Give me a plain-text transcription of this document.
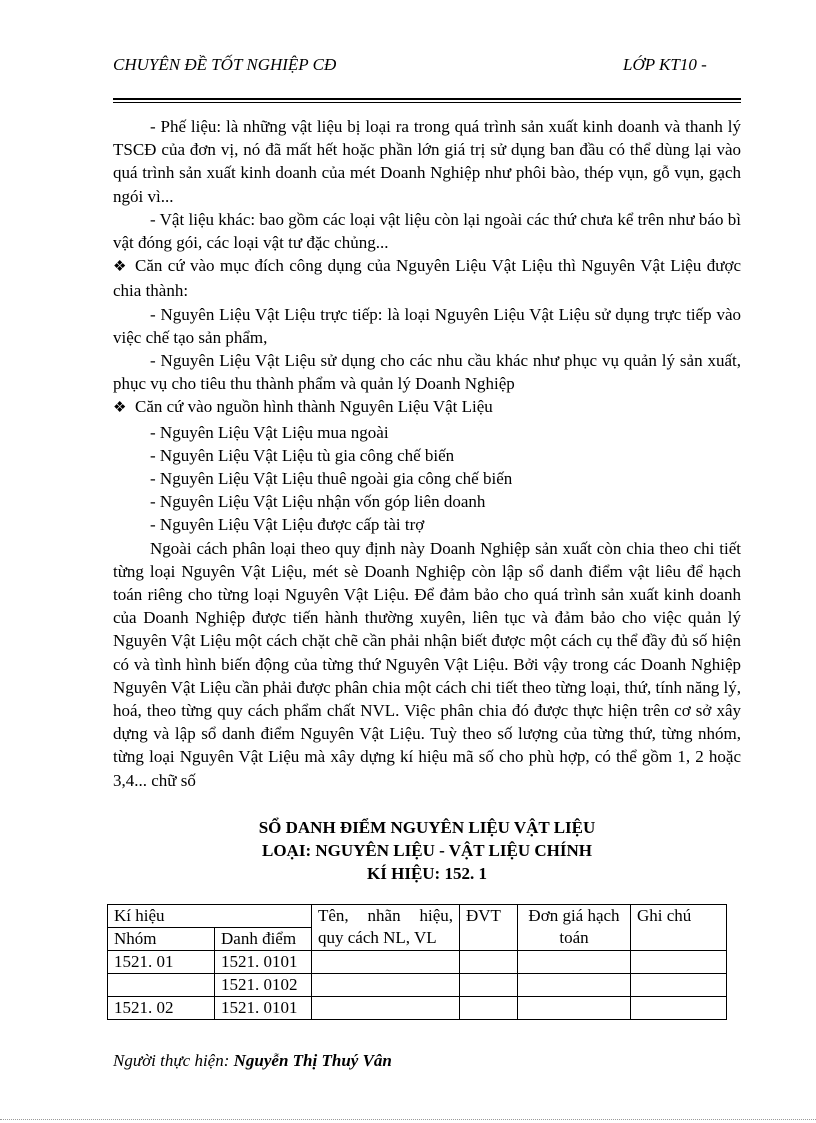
CHUYÊN ĐỀ TỐT NGHIỆP CĐ	LỚP KT10 -

- Phế liệu: là những vật liệu bị loại ra trong quá trình sản xuất kinh doanh và thanh lý TSCĐ của đơn vị, nó đã mất hết hoặc phần lớn giá trị sử dụng ban đầu có thể dùng lại vào quá trình sản xuất kinh doanh của mét Doanh Nghiệp như phôi bào, thép vụn, gỗ vụn, gạch ngói vì...

- Vật liệu khác: bao gồm các loại vật liệu còn lại ngoài các thứ chưa kể trên như báo bì vật đóng gói, các loại vật tư đặc chủng...

❖ Căn cứ vào mục đích công dụng của Nguyên Liệu Vật Liệu thì Nguyên Vật Liệu được chia thành:

- Nguyên Liệu Vật Liệu trực tiếp: là loại Nguyên Liệu Vật Liệu sử dụng trực tiếp vào việc chế tạo sản phẩm,

- Nguyên Liệu Vật Liệu sử dụng cho các nhu cầu khác như phục vụ quản lý sản xuất, phục vụ cho tiêu thu thành phẩm và quản lý Doanh Nghiệp

❖ Căn cứ vào nguồn hình thành Nguyên Liệu Vật Liệu

- Nguyên Liệu Vật Liệu mua ngoài

- Nguyên Liệu Vật Liệu tù gia công chế biến

- Nguyên Liệu Vật Liệu thuê ngoài gia công chế biến

- Nguyên Liệu Vật Liệu nhận vốn góp liên doanh

- Nguyên Liệu Vật Liệu được cấp tài trợ

Ngoài cách phân loại theo quy định này Doanh Nghiệp sản xuất còn chia theo chi tiết từng loại Nguyên Vật Liệu, mét sè Doanh Nghiệp còn lập sổ danh điểm vật liêu để hạch toán riêng cho từng loại Nguyên Vật Liệu. Để đảm bảo cho quá trình sản xuất kinh doanh của Doanh Nghiệp được tiến hành thường xuyên, liên tục và đảm bảo cho việc quản lý Nguyên Vật Liệu một cách chặt chẽ cần phải nhận biết được một cách cụ thể đầy đủ số hiện có và tình hình biến động của từng thứ Nguyên Vật Liệu. Bởi vậy trong các Doanh Nghiệp Nguyên Vật Liệu cần phải được phân chia một cách chi tiết theo từng loại, thứ, tính năng lý, hoá, theo từng quy cách phẩm chất NVL. Việc phân chia đó được thực hiện trên cơ sở xây dựng và lập sổ danh điểm Nguyên Vật Liệu. Tuỳ theo số lượng của từng thứ, từng nhóm, từng loại Nguyên Vật Liệu mà xây dựng kí hiệu mã số cho phù hợp, có thể gồm 1, 2 hoặc 3,4... chữ số

SỔ DANH ĐIỂM NGUYÊN LIỆU VẬT LIỆU
LOẠI: NGUYÊN LIỆU - VẬT LIỆU CHÍNH
KÍ HIỆU: 152. 1
Kí hiệu		Tên, nhãn hiệu, quy cách NL, VL	ĐVT	Đơn giá hạch toán	Ghi chú
Nhóm	Danh điểm				
1521. 01	1521. 0101				
	1521. 0102				
1521. 02	1521. 0101				
Người thực hiện: Nguyễn Thị Thuý Vân
